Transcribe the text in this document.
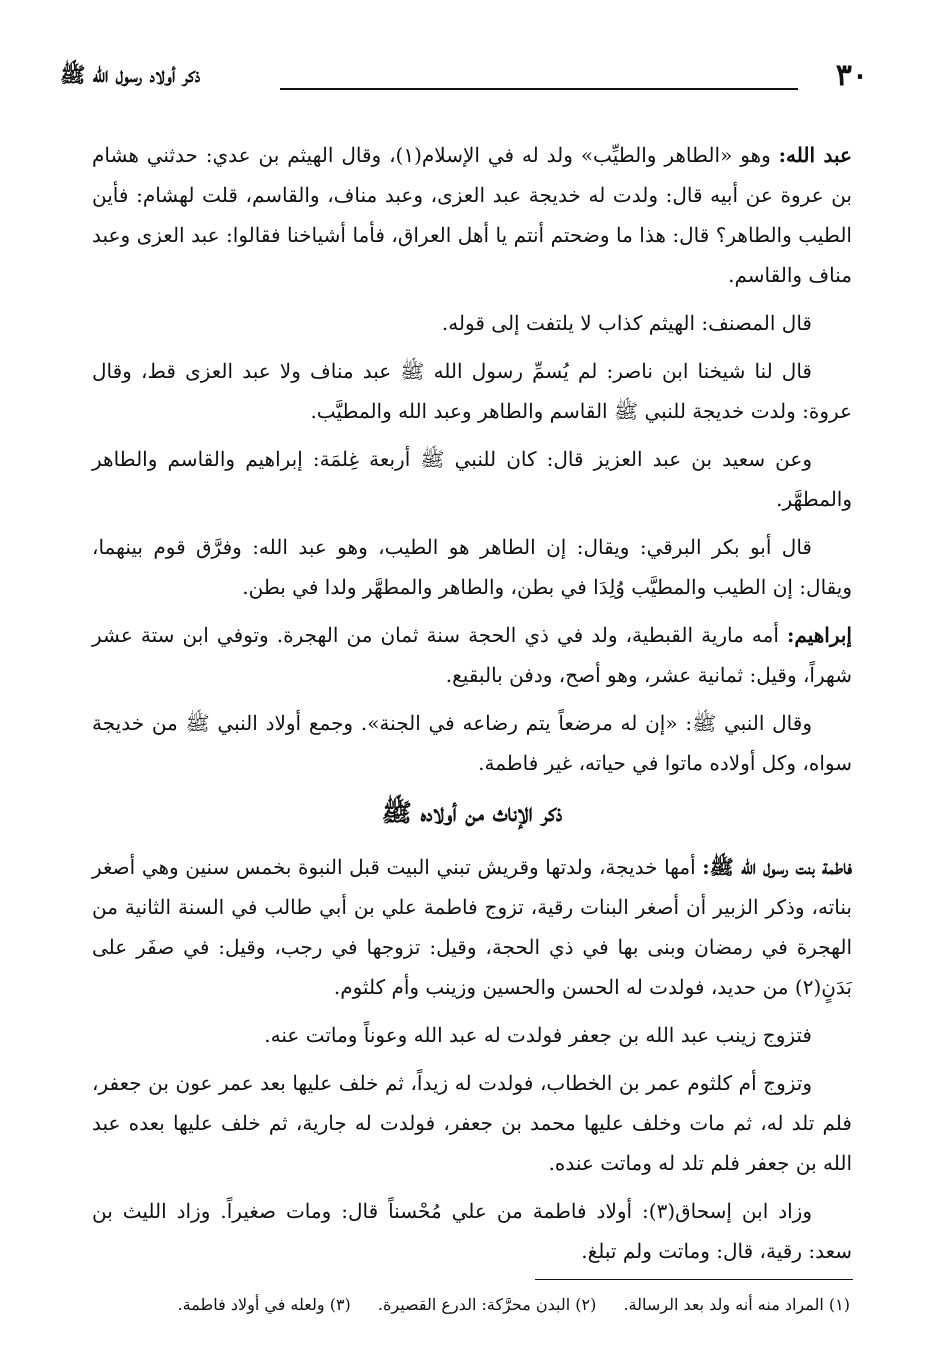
٣٠
ذكر أولاد رسول الله ﷺ

عبد الله: وهو «الطاهر والطيِّب» ولد له في الإسلام(١)، وقال الهيثم بن عدي: حدثني هشام بن عروة عن أبيه قال: ولدت له خديجة عبد العزى، وعبد مناف، والقاسم، قلت لهشام: فأين الطيب والطاهر؟ قال: هذا ما وضحتم أنتم يا أهل العراق، فأما أشياخنا فقالوا: عبد العزى وعبد مناف والقاسم.

قال المصنف: الهيثم كذاب لا يلتفت إلى قوله.

قال لنا شيخنا ابن ناصر: لم يُسمِّ رسول الله ﷺ عبد مناف ولا عبد العزى قط، وقال عروة: ولدت خديجة للنبي ﷺ القاسم والطاهر وعبد الله والمطيَّب.

وعن سعيد بن عبد العزيز قال: كان للنبي ﷺ أربعة غِلمَة: إبراهيم والقاسم والطاهر والمطهَّر.

قال أبو بكر البرقي: ويقال: إن الطاهر هو الطيب، وهو عبد الله: وفرَّق قوم بينهما، ويقال: إن الطيب والمطيَّب وُلِدَا في بطن، والطاهر والمطهَّر ولدا في بطن.

إبراهيم: أمه مارية القبطية، ولد في ذي الحجة سنة ثمان من الهجرة. وتوفي ابن ستة عشر شهراً، وقيل: ثمانية عشر، وهو أصح، ودفن بالبقيع.

وقال النبي ﷺ: «إن له مرضعاً يتم رضاعه في الجنة». وجمع أولاد النبي ﷺ من خديجة سواه، وكل أولاده ماتوا في حياته، غير فاطمة.

ذكر الإناث من أولاده ﷺ

فاطمة بنت رسول الله ﷺ: أمها خديجة، ولدتها وقريش تبني البيت قبل النبوة بخمس سنين وهي أصغر بناته، وذكر الزبير أن أصغر البنات رقية، تزوج فاطمة علي بن أبي طالب في السنة الثانية من الهجرة في رمضان وبنى بها في ذي الحجة، وقيل: تزوجها في رجب، وقيل: في صفَر على بَدَنٍ(٢) من حديد، فولدت له الحسن والحسين وزينب وأم كلثوم.

فتزوج زينب عبد الله بن جعفر فولدت له عبد الله وعوناً وماتت عنه.

وتزوج أم كلثوم عمر بن الخطاب، فولدت له زيداً، ثم خلف عليها بعد عمر عون بن جعفر، فلم تلد له، ثم مات وخلف عليها محمد بن جعفر، فولدت له جارية، ثم خلف عليها بعده عبد الله بن جعفر فلم تلد له وماتت عنده.

وزاد ابن إسحاق(٣): أولاد فاطمة من علي مُحْسناً قال: ومات صغيراً. وزاد الليث بن سعد: رقية، قال: وماتت ولم تبلغ.

(١) المراد منه أنه ولد بعد الرسالة. (٢) البدن محرَّكة: الدرع القصيرة. (٣) ولعله في أولاد فاطمة.
